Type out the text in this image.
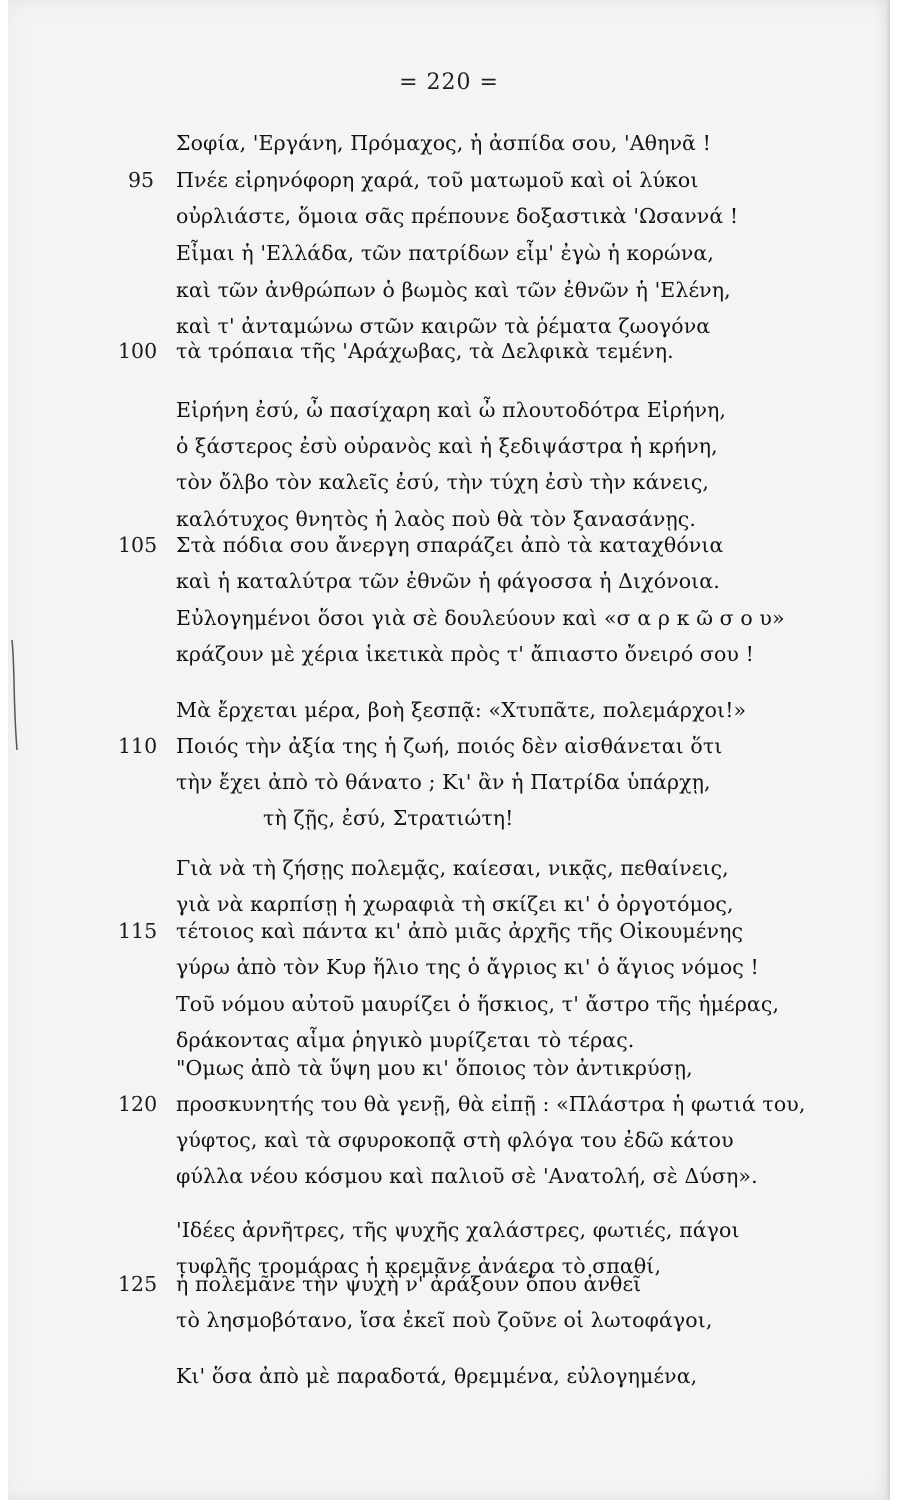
= 220 =
Σοφία, 'Εργάνη, Πρόμαχος, ἡ ἀσπίδα σου, 'Αθηνᾶ !
Πνέε εἰρηνόφορη χαρά, τοῦ ματωμοῦ καὶ οἱ λύκοι
95
οὐρλιάστε, ὅμοια σᾶς πρέπουνε δοξαστικὰ 'Ωσαννά !
Εἶμαι ἡ 'Ελλάδα, τῶν πατρίδων εἶμ' ἐγὼ ἡ κορώνα,
καὶ τῶν ἀνθρώπων ὁ βωμὸς καὶ τῶν ἐθνῶν ἡ 'Ελένη,
καὶ τ' ἀνταμώνω στῶν καιρῶν τὰ ῥέματα ζωογόνα
τὰ τρόπαια τῆς 'Αράχωβας, τὰ Δελφικὰ τεμένη.
100
Εἰρήνη ἐσύ, ὦ πασίχαρη καὶ ὦ πλουτοδότρα Εἰρήνη,
ὁ ξάστερος ἐσὺ οὐρανὸς καὶ ἡ ξεδιψάστρα ἡ κρήνη,
τὸν ὄλβο τὸν καλεῖς ἐσύ, τὴν τύχη ἐσὺ τὴν κάνεις,
καλότυχος θνητὸς ἡ λαὸς ποὺ θὰ τὸν ξανασάνῃς.
Στὰ πόδια σου ἄνεργη σπαράζει ἀπὸ τὰ καταχθόνια
105
καὶ ἡ καταλύτρα τῶν ἐθνῶν ἡ φάγοσσα ἡ Διχόνοια.
Εὐλογημένοι ὅσοι γιὰ σὲ δουλεύουν καὶ «σ α ρ κ ῶ σ ο υ»
κράζουν μὲ χέρια ἱκετικὰ πρὸς τ' ἄπιαστο ὄνειρό σου !
Μὰ ἔρχεται μέρα, βοὴ ξεσπᾷ: «Χτυπᾶτε, πολεμάρχοι!»
Ποιός τὴν ἀξία της ἡ ζωή, ποιός δὲν αἰσθάνεται ὅτι
110
τὴν ἔχει ἀπὸ τὸ θάνατο ; Κι' ἂν ἡ Πατρίδα ὑπάρχῃ,
τὴ ζῇς, ἐσύ, Στρατιώτη!
Γιὰ νὰ τὴ ζήσῃς πολεμᾷς, καίεσαι, νικᾷς, πεθαίνεις,
γιὰ νὰ καρπίσῃ ἡ χωραφιὰ τὴ σκίζει κι' ὁ ὀργοτόμος,
τέτοιος καὶ πάντα κι' ἀπὸ μιᾶς ἀρχῆς τῆς Οἰκουμένης
115
γύρω ἀπὸ τὸν Κυρ ἥλιο της ὁ ἄγριος κι' ὁ ἅγιος νόμος !
Τοῦ νόμου αὐτοῦ μαυρίζει ὁ ἥσκιος, τ' ἄστρο τῆς ἡμέρας,
δράκοντας αἷμα ῥηγικὸ μυρίζεται τὸ τέρας.
"Ομως ἀπὸ τὰ ὕψη μου κι' ὅποιος τὸν ἀντικρύσῃ,
προσκυνητής του θὰ γενῇ, θὰ εἰπῇ : «Πλάστρα ἡ φωτιά του,
120
γύφτος, καὶ τὰ σφυροκοπᾷ στὴ φλόγα του ἐδῶ κάτου
φύλλα νέου κόσμου καὶ παλιοῦ σὲ 'Ανατολή, σὲ Δύση».
'Ιδέες ἀρνῆτρες, τῆς ψυχῆς χαλάστρες, φωτιές, πάγοι
τυφλῆς τρομάρας ἡ κρεμᾶνε ἀνάερα τὸ σπαθί,
ἡ πολεμᾶνε τὴν ψυχὴ ν' ἀράξουν ὅπου ἀνθεῖ
125
τὸ λησμοβότανο, ἴσα ἐκεῖ ποὺ ζοῦνε οἱ λωτοφάγοι,
Κι' ὅσα ἀπὸ μὲ παραδοτά, θρεμμένα, εὐλογημένα,
